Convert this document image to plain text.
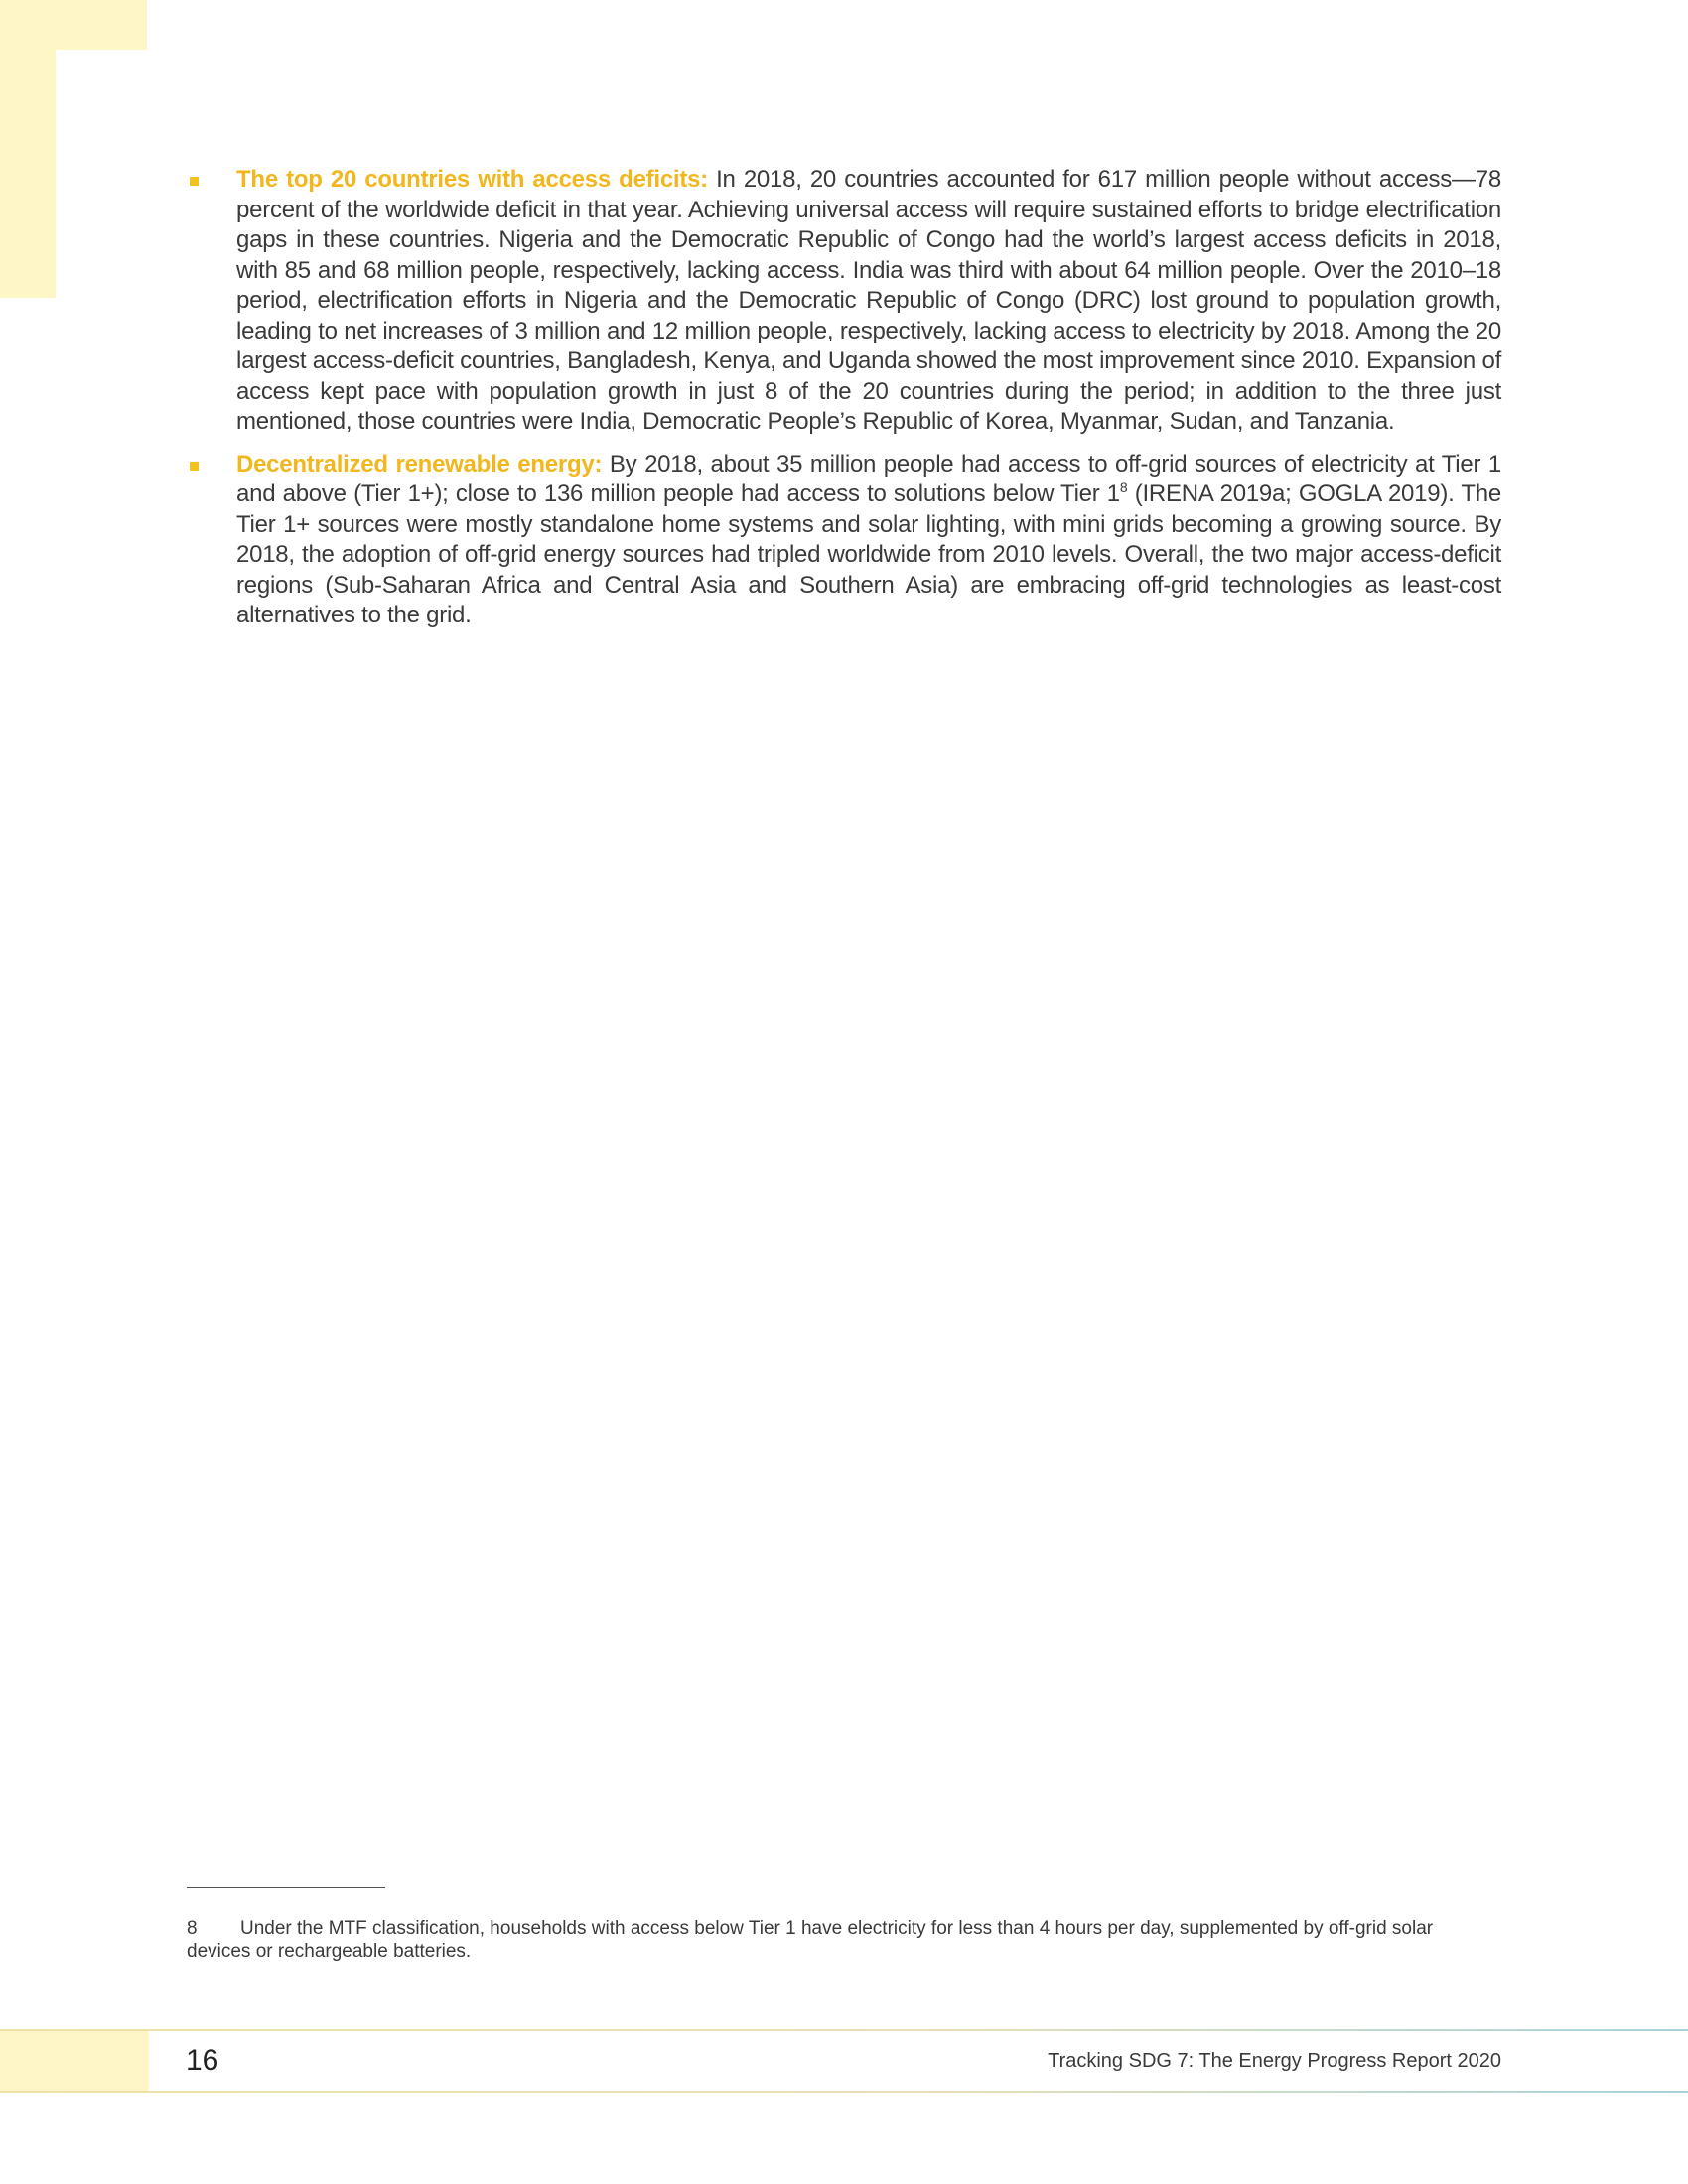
The top 20 countries with access deficits: In 2018, 20 countries accounted for 617 million people without access—78 percent of the worldwide deficit in that year. Achieving universal access will require sustained efforts to bridge electrification gaps in these countries. Nigeria and the Democratic Republic of Congo had the world’s largest access deficits in 2018, with 85 and 68 million people, respectively, lacking access. India was third with about 64 million people. Over the 2010–18 period, electrification efforts in Nigeria and the Democratic Republic of Congo (DRC) lost ground to population growth, leading to net increases of 3 million and 12 million people, respectively, lacking access to electricity by 2018. Among the 20 largest access-deficit countries, Bangladesh, Kenya, and Uganda showed the most improvement since 2010. Expansion of access kept pace with population growth in just 8 of the 20 countries during the period; in addition to the three just mentioned, those countries were India, Democratic People’s Republic of Korea, Myanmar, Sudan, and Tanzania.
Decentralized renewable energy: By 2018, about 35 million people had access to off-grid sources of electricity at Tier 1 and above (Tier 1+); close to 136 million people had access to solutions below Tier $1^8$ (IRENA 2019a; GOGLA 2019). The Tier 1+ sources were mostly standalone home systems and solar lighting, with mini grids becoming a growing source. By 2018, the adoption of off-grid energy sources had tripled worldwide from 2010 levels. Overall, the two major access-deficit regions (Sub-Saharan Africa and Central Asia and Southern Asia) are embracing off-grid technologies as least-cost alternatives to the grid.
8 Under the MTF classification, households with access below Tier 1 have electricity for less than 4 hours per day, supplemented by off-grid solar devices or rechargeable batteries.
16	Tracking SDG 7: The Energy Progress Report 2020
